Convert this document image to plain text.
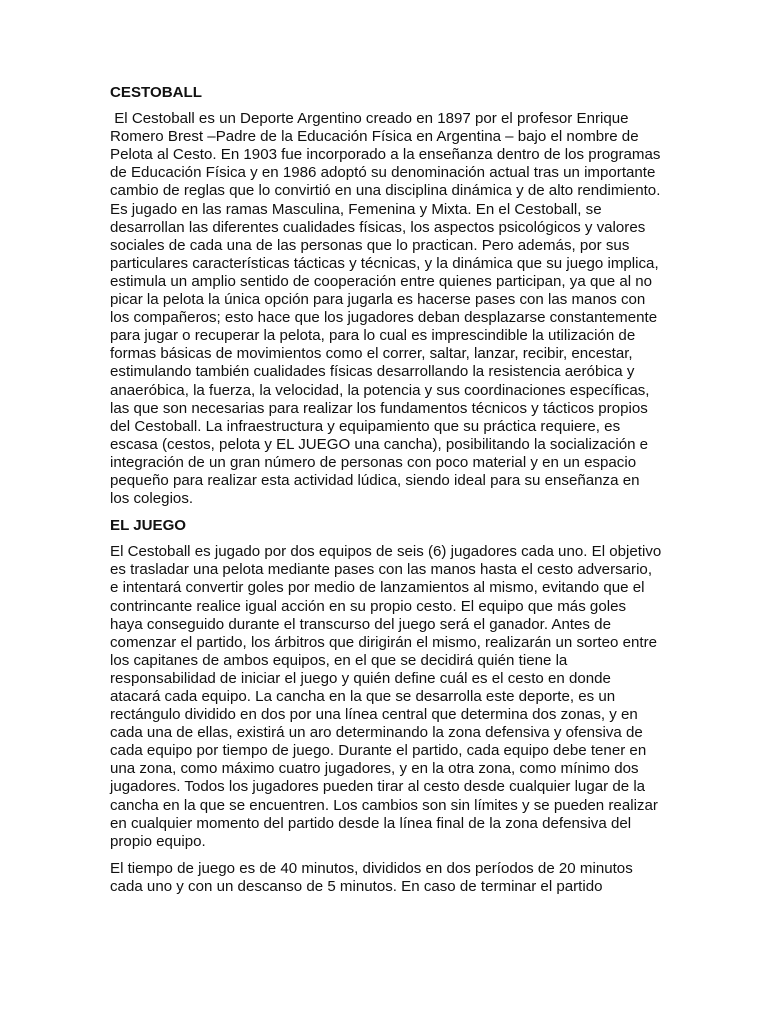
CESTOBALL

El Cestoball es un Deporte Argentino creado en 1897 por el profesor Enrique Romero Brest –Padre de la Educación Física en Argentina – bajo el nombre de Pelota al Cesto. En 1903 fue incorporado a la enseñanza dentro de los programas de Educación Física y en 1986 adoptó su denominación actual tras un importante cambio de reglas que lo convirtió en una disciplina dinámica y de alto rendimiento. Es jugado en las ramas Masculina, Femenina y Mixta. En el Cestoball, se desarrollan las diferentes cualidades físicas, los aspectos psicológicos y valores sociales de cada una de las personas que lo practican. Pero además, por sus particulares características tácticas y técnicas, y la dinámica que su juego implica, estimula un amplio sentido de cooperación entre quienes participan, ya que al no picar la pelota la única opción para jugarla es hacerse pases con las manos con los compañeros; esto hace que los jugadores deban desplazarse constantemente para jugar o recuperar la pelota, para lo cual es imprescindible la utilización de formas básicas de movimientos como el correr, saltar, lanzar, recibir, encestar, estimulando también cualidades físicas desarrollando la resistencia aeróbica y anaeróbica, la fuerza, la velocidad, la potencia y sus coordinaciones específicas, las que son necesarias para realizar los fundamentos técnicos y tácticos propios del Cestoball. La infraestructura y equipamiento que su práctica requiere, es escasa (cestos, pelota y EL JUEGO una cancha), posibilitando la socialización e integración de un gran número de personas con poco material y en un espacio pequeño para realizar esta actividad lúdica, siendo ideal para su enseñanza en los colegios.

EL JUEGO

El Cestoball es jugado por dos equipos de seis (6) jugadores cada uno. El objetivo es trasladar una pelota mediante pases con las manos hasta el cesto adversario, e intentará convertir goles por medio de lanzamientos al mismo, evitando que el contrincante realice igual acción en su propio cesto. El equipo que más goles haya conseguido durante el transcurso del juego será el ganador. Antes de comenzar el partido, los árbitros que dirigirán el mismo, realizarán un sorteo entre los capitanes de ambos equipos, en el que se decidirá quién tiene la responsabilidad de iniciar el juego y quién define cuál es el cesto en donde atacará cada equipo. La cancha en la que se desarrolla este deporte, es un rectángulo dividido en dos por una línea central que determina dos zonas, y en cada una de ellas, existirá un aro determinando la zona defensiva y ofensiva de cada equipo por tiempo de juego. Durante el partido, cada equipo debe tener en una zona, como máximo cuatro jugadores, y en la otra zona, como mínimo dos jugadores. Todos los jugadores pueden tirar al cesto desde cualquier lugar de la cancha en la que se encuentren. Los cambios son sin límites y se pueden realizar en cualquier momento del partido desde la línea final de la zona defensiva del propio equipo.

El tiempo de juego es de 40 minutos, divididos en dos períodos de 20 minutos cada uno y con un descanso de 5 minutos. En caso de terminar el partido
